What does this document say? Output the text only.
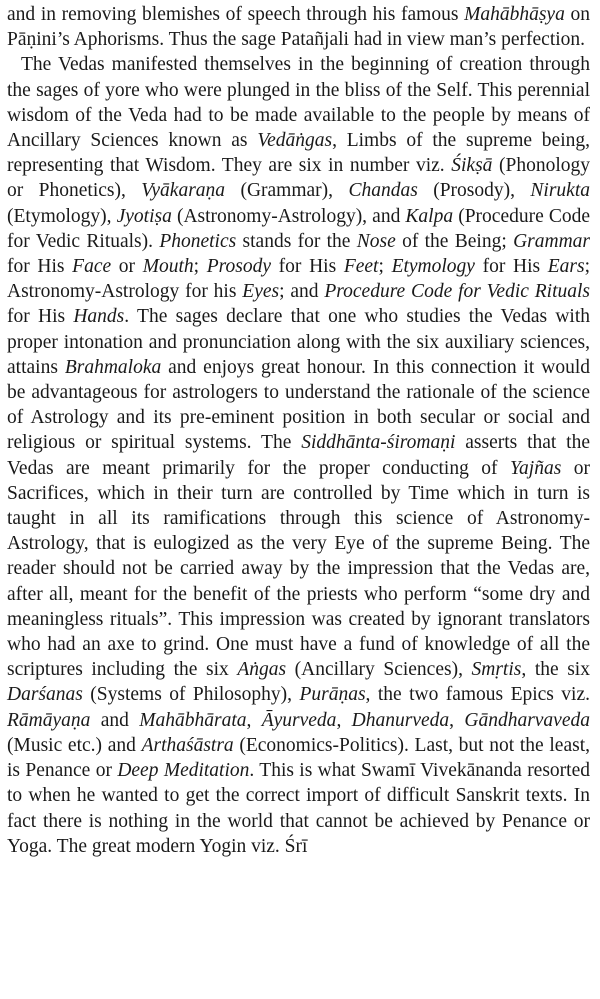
and in removing blemishes of speech through his famous Mahābhāṣya on Pāṇini’s Aphorisms. Thus the sage Patañjali had in view man’s perfection.

The Vedas manifested themselves in the beginning of creation through the sages of yore who were plunged in the bliss of the Self. This perennial wisdom of the Veda had to be made available to the people by means of Ancillary Sciences known as Vedāṅgas, Limbs of the supreme being, representing that Wisdom. They are six in number viz. Śikṣā (Phonology or Phonetics), Vyākaraṇa (Grammar), Chandas (Prosody), Nirukta (Etymology), Jyotiṣa (Astronomy-Astrology), and Kalpa (Procedure Code for Vedic Rituals). Phonetics stands for the Nose of the Being; Grammar for His Face or Mouth; Prosody for His Feet; Etymology for His Ears; Astronomy-Astrology for his Eyes; and Procedure Code for Vedic Rituals for His Hands. The sages declare that one who studies the Vedas with proper intonation and pronunciation along with the six auxiliary sciences, attains Brahmaloka and enjoys great honour. In this connection it would be advantageous for astrologers to understand the rationale of the science of Astrology and its pre-eminent position in both secular or social and religious or spiritual systems. The Siddhānta-śiromaṇi asserts that the Vedas are meant primarily for the proper conducting of Yajñas or Sacrifices, which in their turn are controlled by Time which in turn is taught in all its ramifications through this science of Astronomy-Astrology, that is eulogized as the very Eye of the supreme Being. The reader should not be carried away by the impression that the Vedas are, after all, meant for the benefit of the priests who perform “some dry and meaningless rituals”. This impression was created by ignorant translators who had an axe to grind. One must have a fund of knowledge of all the scriptures including the six Aṅgas (Ancillary Sciences), Smṛtis, the six Darśanas (Systems of Philosophy), Purāṇas, the two famous Epics viz. Rāmāyaṇa and Mahābhārata, Āyurveda, Dhanurveda, Gāndharvaveda (Music etc.) and Arthaśāstra (Economics-Politics). Last, but not the least, is Penance or Deep Meditation. This is what Swamī Vivekānanda resorted to when he wanted to get the correct import of difficult Sanskrit texts. In fact there is nothing in the world that cannot be achieved by Penance or Yoga. The great modern Yogin viz. Śrī
